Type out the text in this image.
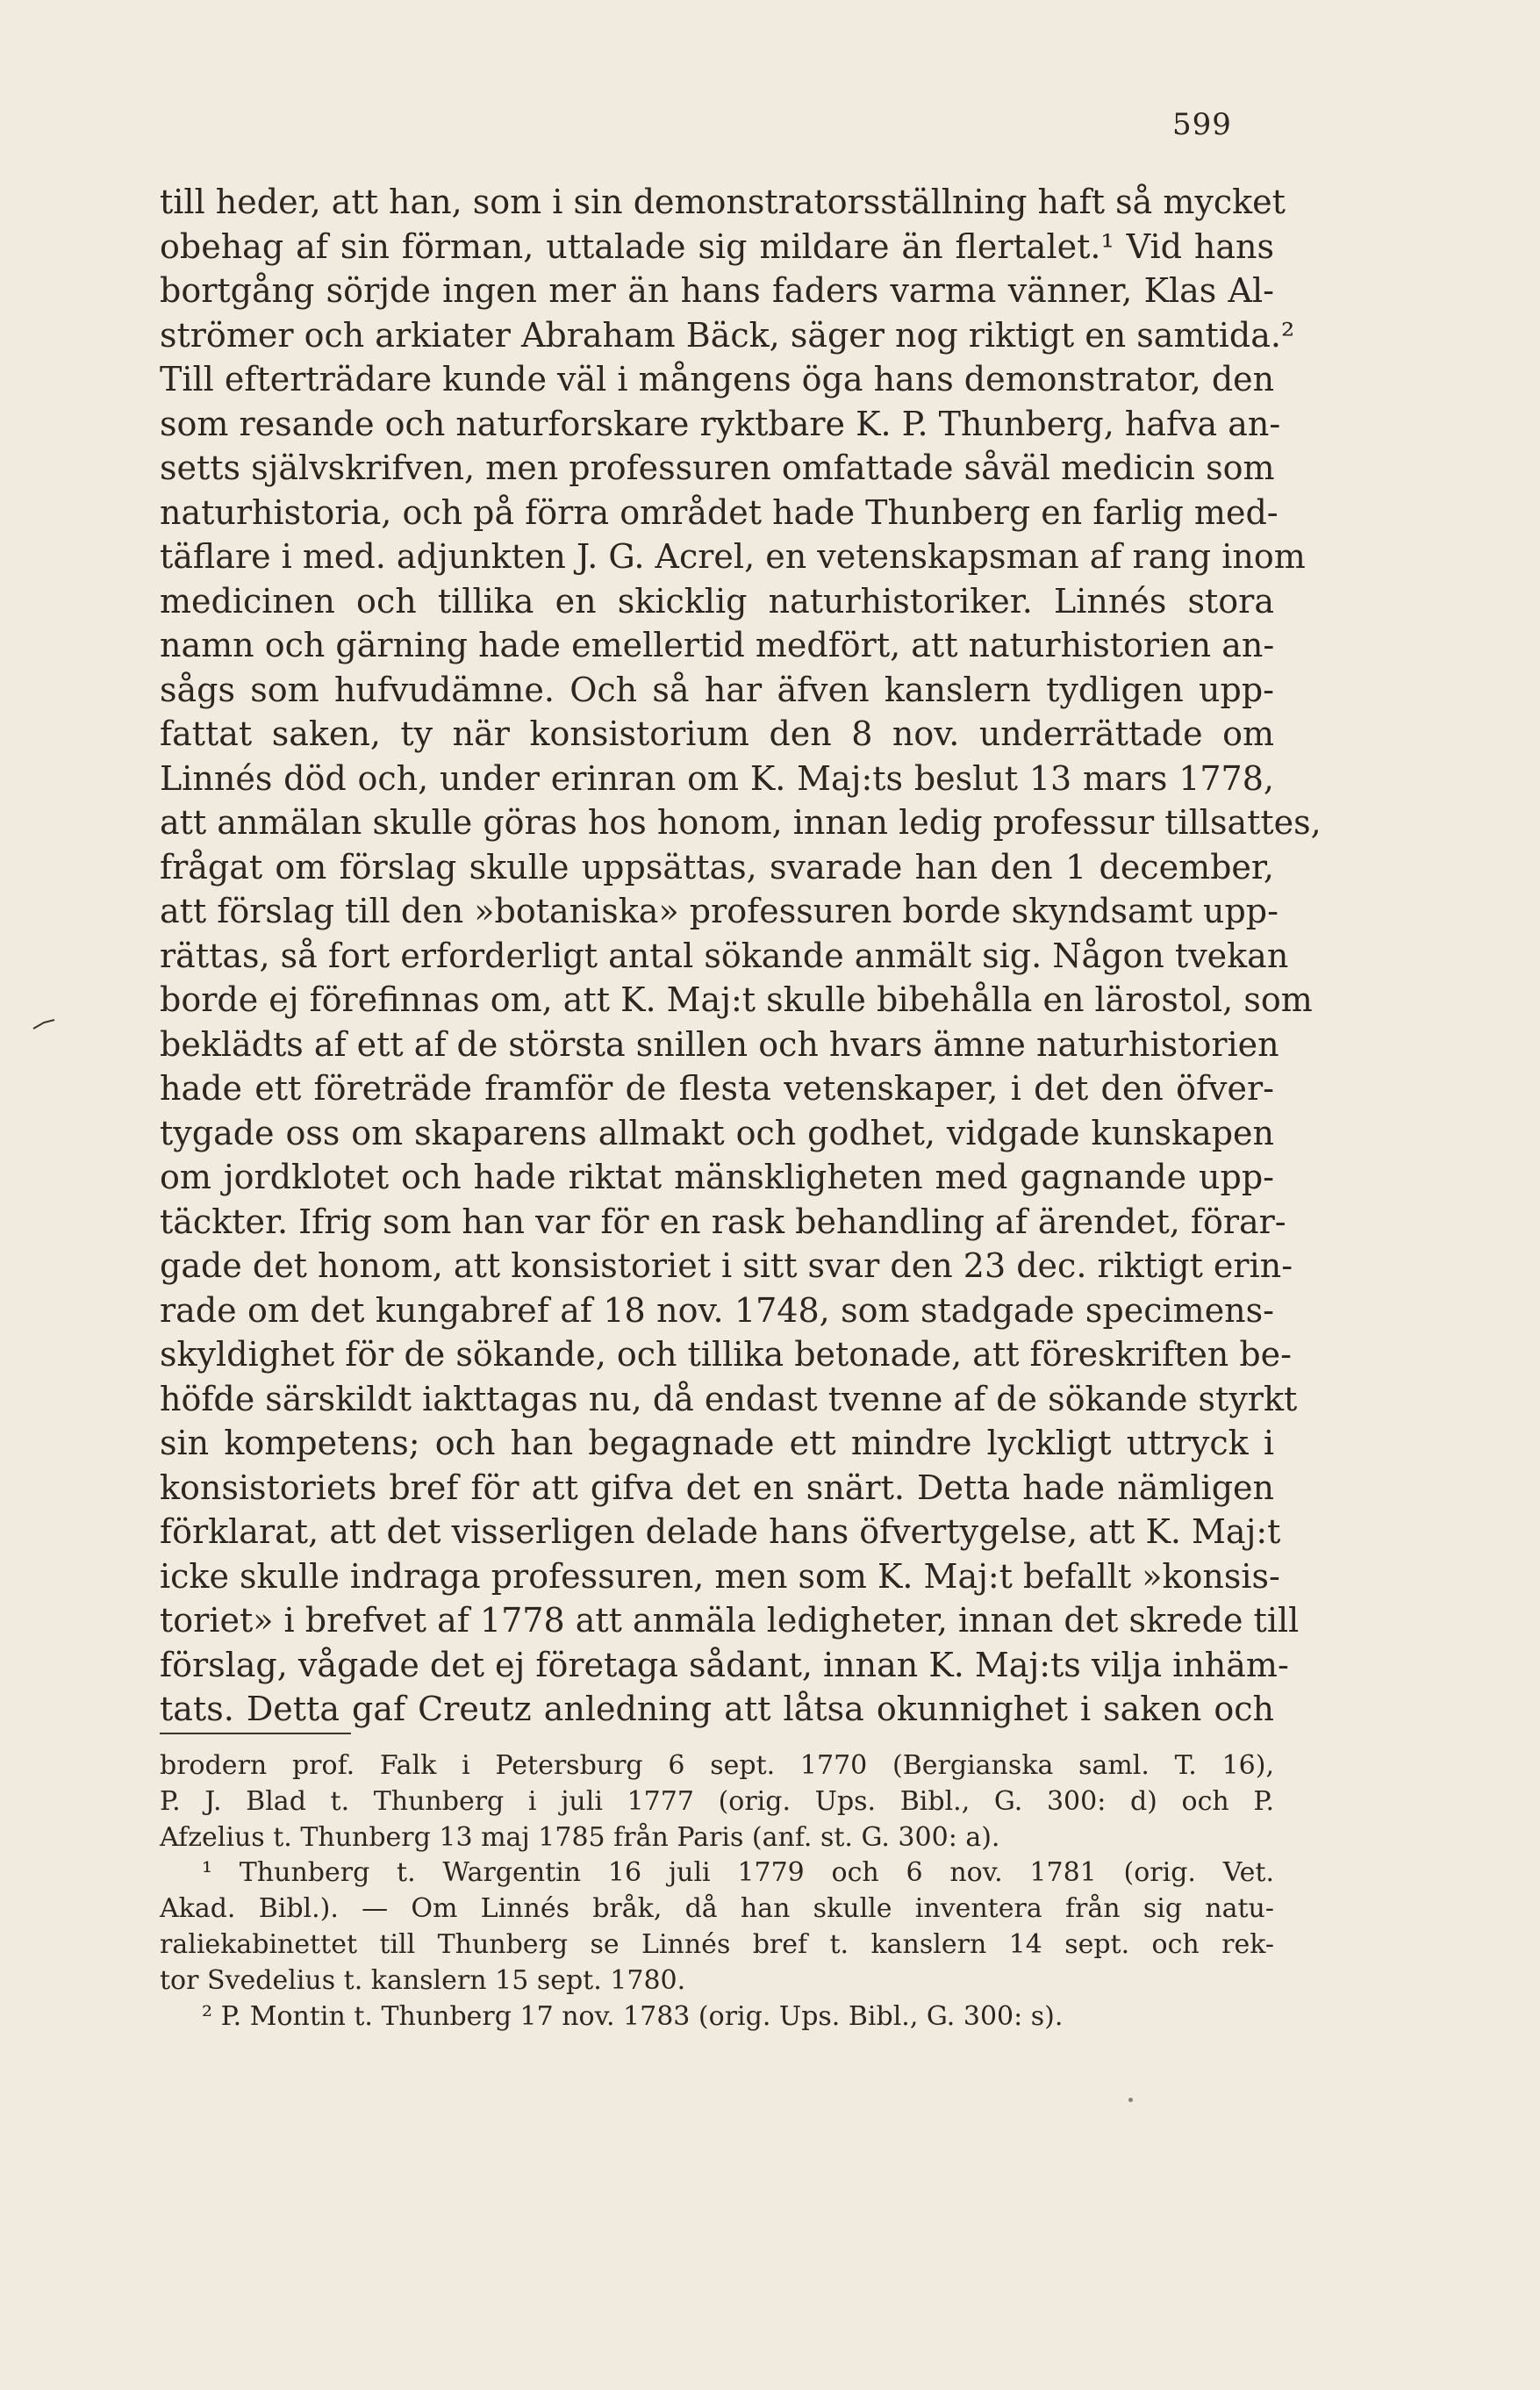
599
till heder, att han, som i sin demonstratorsställning haft så mycket
obehag af sin förman, uttalade sig mildare än flertalet.¹ Vid hans
bortgång sörjde ingen mer än hans faders varma vänner, Klas Al-
strömer och arkiater Abraham Bäck, säger nog riktigt en samtida.²
Till efterträdare kunde väl i mångens öga hans demonstrator, den
som resande och naturforskare ryktbare K. P. Thunberg, hafva an-
setts självskrifven, men professuren omfattade såväl medicin som
naturhistoria, och på förra området hade Thunberg en farlig med-
täflare i med. adjunkten J. G. Acrel, en vetenskapsman af rang inom
medicinen och tillika en skicklig naturhistoriker. Linnés stora
namn och gärning hade emellertid medfört, att naturhistorien an-
sågs som hufvudämne. Och så har äfven kanslern tydligen upp-
fattat saken, ty när konsistorium den 8 nov. underrättade om
Linnés död och, under erinran om K. Maj:ts beslut 13 mars 1778,
att anmälan skulle göras hos honom, innan ledig professur tillsattes,
frågat om förslag skulle uppsättas, svarade han den 1 december,
att förslag till den »botaniska» professuren borde skyndsamt upp-
rättas, så fort erforderligt antal sökande anmält sig. Någon tvekan
borde ej förefinnas om, att K. Maj:t skulle bibehålla en lärostol, som
beklädts af ett af de största snillen och hvars ämne naturhistorien
hade ett företräde framför de flesta vetenskaper, i det den öfver-
tygade oss om skaparens allmakt och godhet, vidgade kunskapen
om jordklotet och hade riktat mänskligheten med gagnande upp-
täckter. Ifrig som han var för en rask behandling af ärendet, förar-
gade det honom, att konsistoriet i sitt svar den 23 dec. riktigt erin-
rade om det kungabref af 18 nov. 1748, som stadgade specimens-
skyldighet för de sökande, och tillika betonade, att föreskriften be-
höfde särskildt iakttagas nu, då endast tvenne af de sökande styrkt
sin kompetens; och han begagnade ett mindre lyckligt uttryck i
konsistoriets bref för att gifva det en snärt. Detta hade nämligen
förklarat, att det visserligen delade hans öfvertygelse, att K. Maj:t
icke skulle indraga professuren, men som K. Maj:t befallt »konsis-
toriet» i brefvet af 1778 att anmäla ledigheter, innan det skrede till
förslag, vågade det ej företaga sådant, innan K. Maj:ts vilja inhäm-
tats. Detta gaf Creutz anledning att låtsa okunnighet i saken och
brodern prof. Falk i Petersburg 6 sept. 1770 (Bergianska saml. T. 16),
P. J. Blad t. Thunberg i juli 1777 (orig. Ups. Bibl., G. 300: d) och P.
Afzelius t. Thunberg 13 maj 1785 från Paris (anf. st. G. 300: a).
¹ Thunberg t. Wargentin 16 juli 1779 och 6 nov. 1781 (orig. Vet.
Akad. Bibl.). — Om Linnés bråk, då han skulle inventera från sig natu-
raliekabinettet till Thunberg se Linnés bref t. kanslern 14 sept. och rek-
tor Svedelius t. kanslern 15 sept. 1780.
² P. Montin t. Thunberg 17 nov. 1783 (orig. Ups. Bibl., G. 300: s).
